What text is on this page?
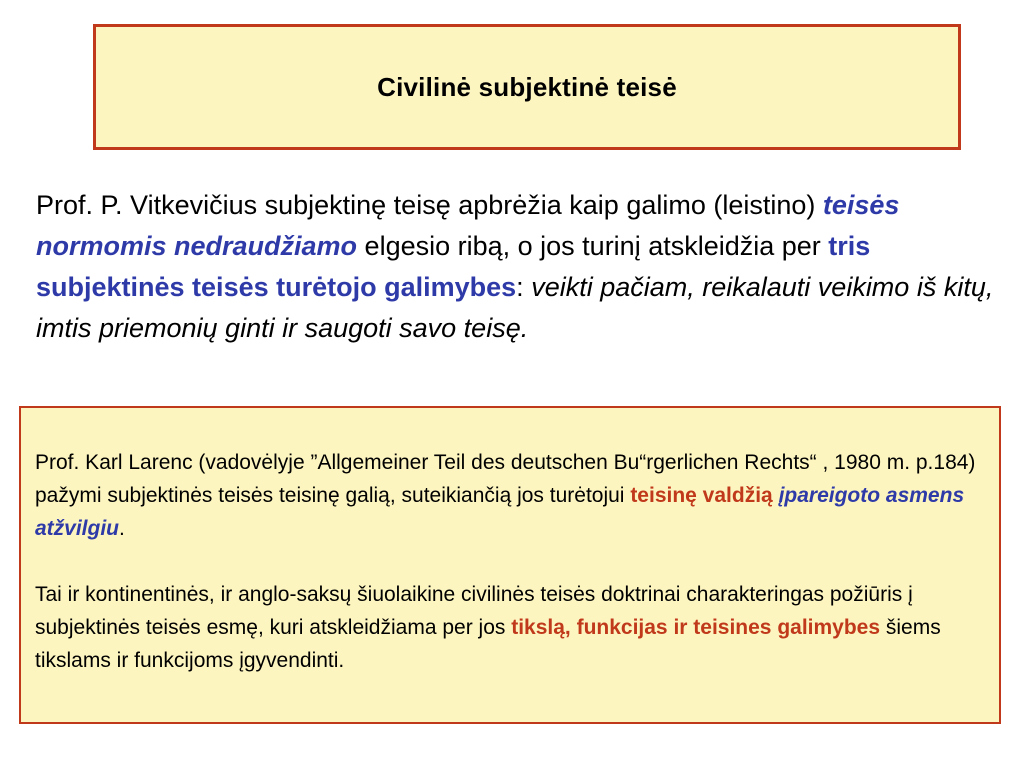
Civilinė subjektinė teisė
Prof. P. Vitkevičius subjektinę teisę apbrėžia kaip galimo (leistino) teisės normomis nedraudžiamo elgesio ribą, o jos turinį atskleidžia per tris subjektinės teisės turėtojo galimybes: veikti pačiam, reikalauti veikimo iš kitų, imtis priemonių ginti ir saugoti savo teisę.

Prof. Karl Larenc (vadovėlyje ”Allgemeiner Teil des deutschen Bu“rgerlichen Rechts“ , 1980 m. p.184) pažymi subjektinės teisės teisinę galią, suteikiančią jos turėtojui teisinę valdžią įpareigoto asmens atžvilgiu.

Tai ir kontinentinės, ir anglo-saksų šiuolaikine civilinės teisės doktrinai charakteringas požiūris į subjektinės teisės esmę, kuri atskleidžiama per jos tikslą, funkcijas ir teisines galimybes šiems tikslams ir funkcijoms įgyvendinti.
